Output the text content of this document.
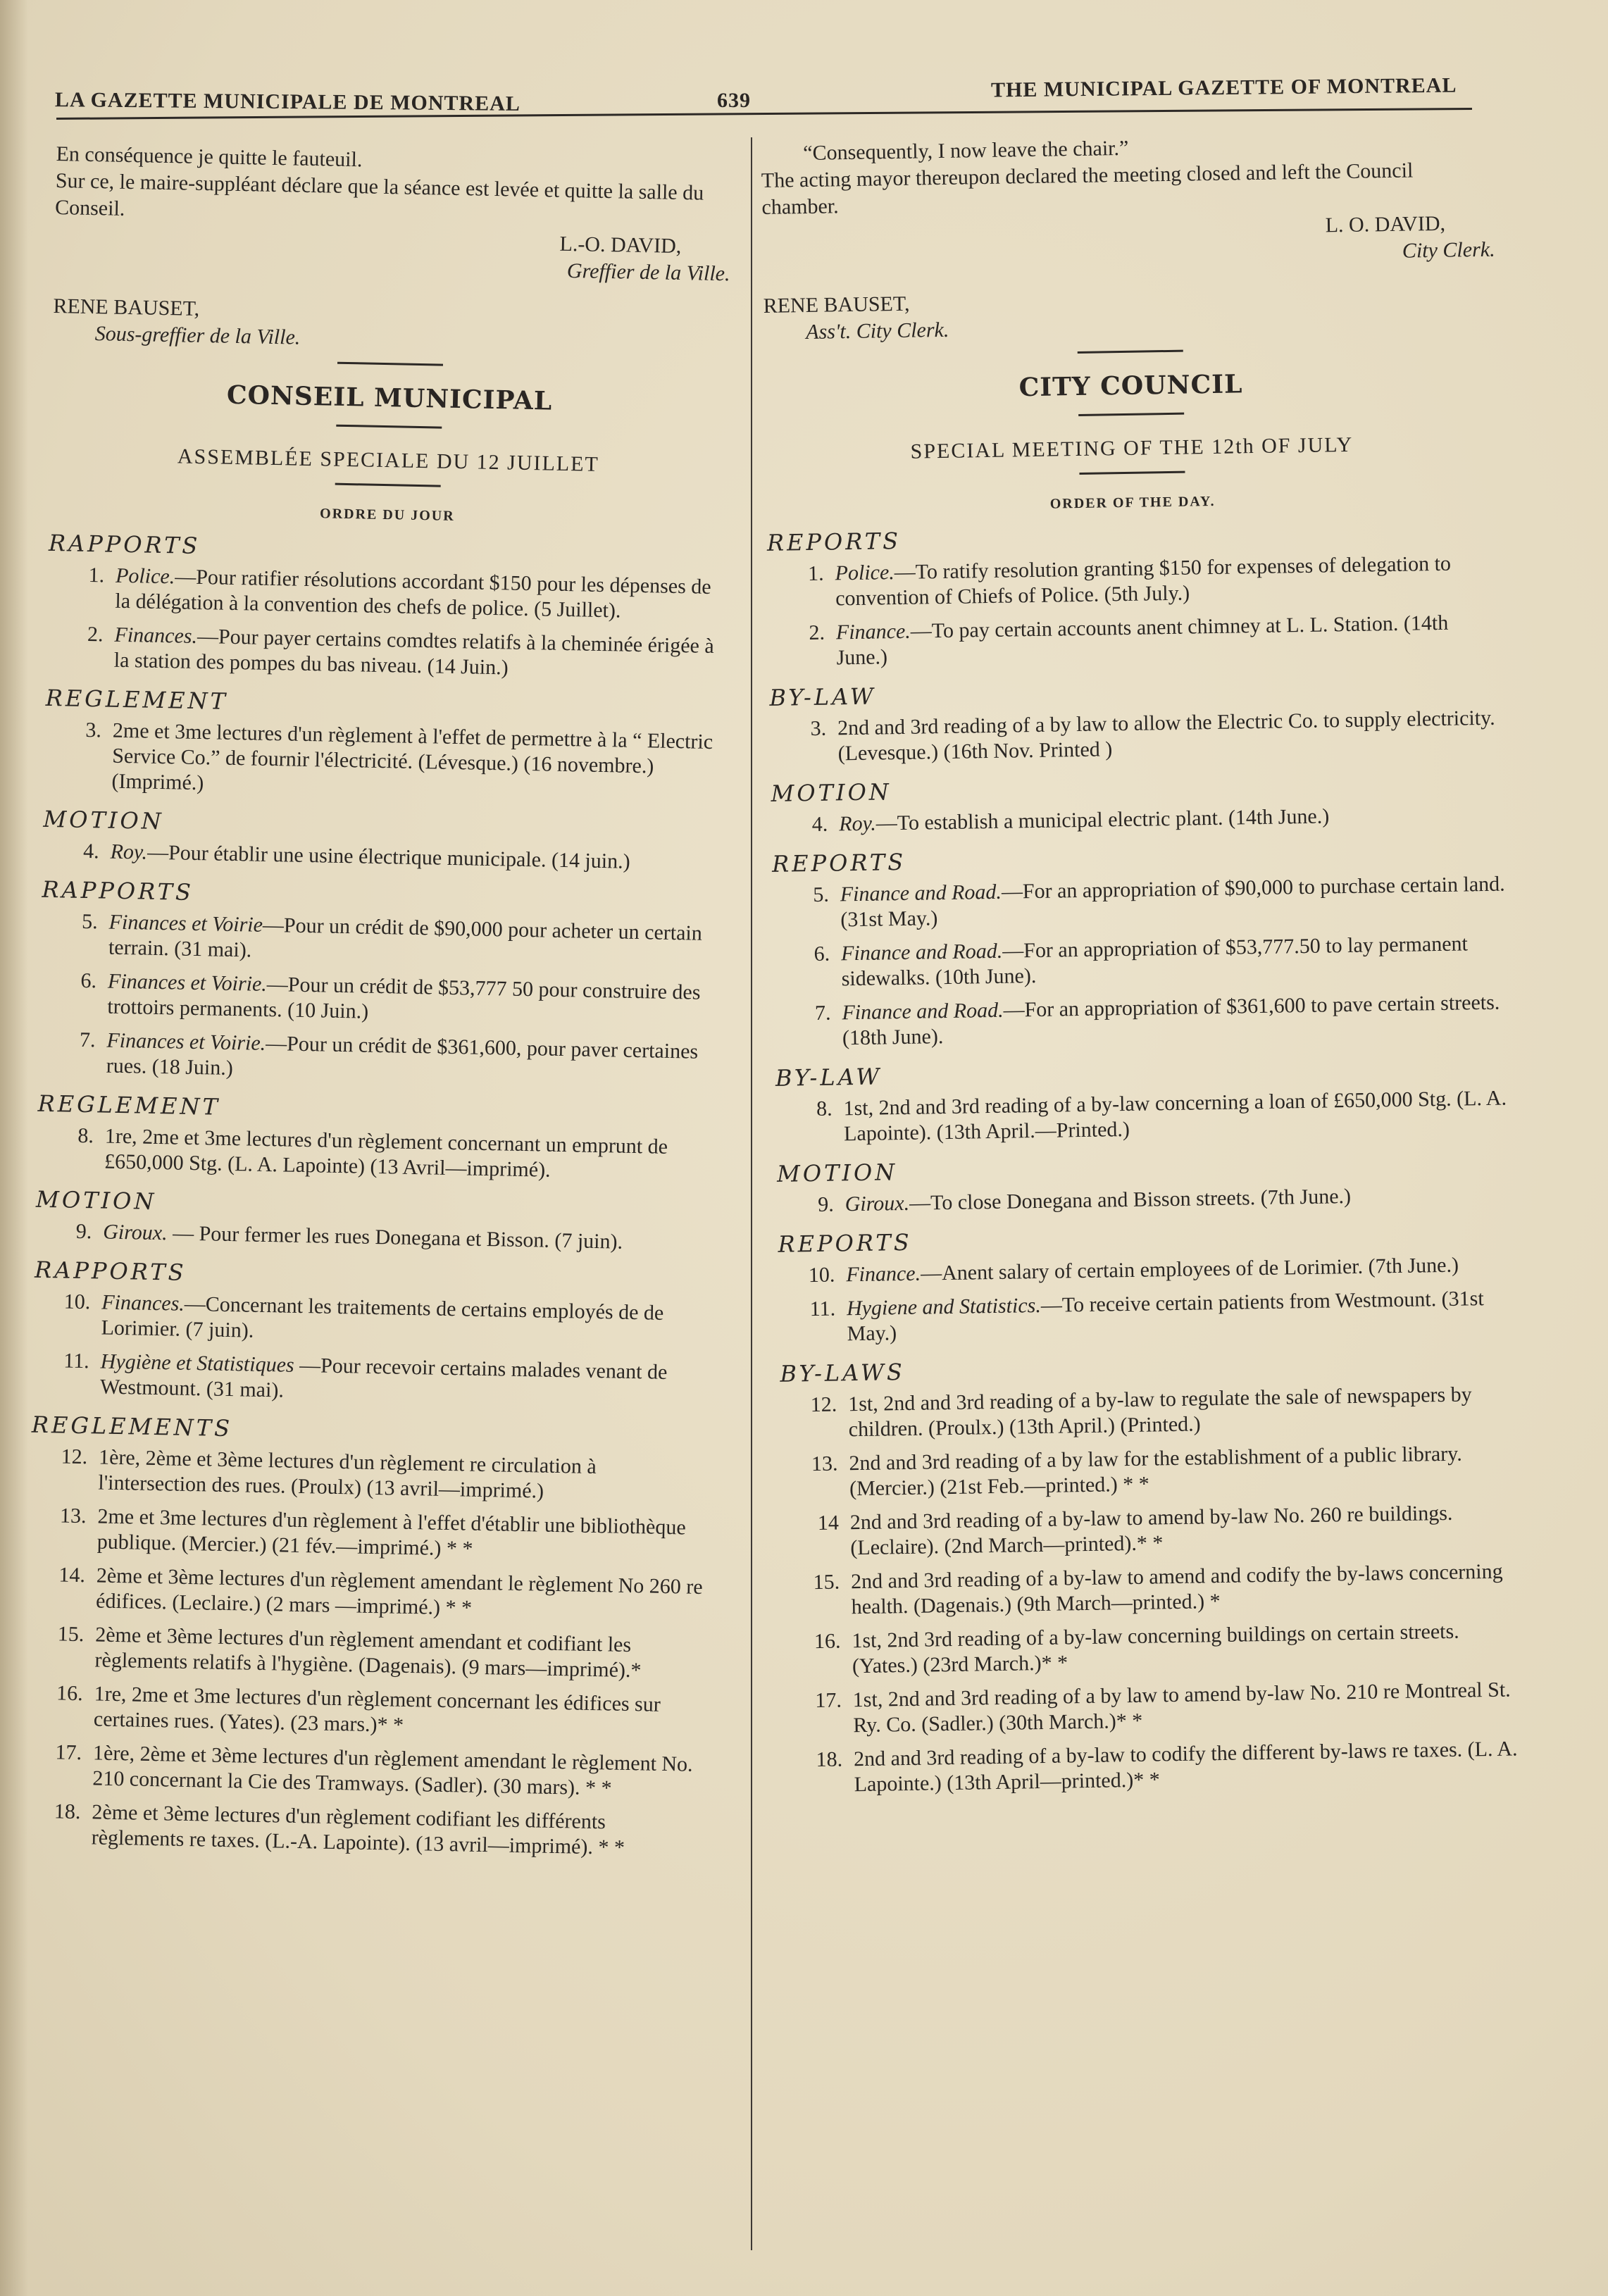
LA GAZETTE MUNICIPALE DE MONTREAL	639	THE MUNICIPAL GAZETTE OF MONTREAL

En conséquence je quitte le fauteuil.

Sur ce, le maire-suppléant déclare que la séance est levée et quitte la salle du Conseil.

L.-O. DAVID,
Greffier de la Ville.
RENE BAUSET,
Sous-greffier de la Ville.
CONSEIL MUNICIPAL
ASSEMBLÉE SPECIALE DU 12 JUILLET
ORDRE DU JOUR
RAPPORTS
1. Police.—Pour ratifier résolutions accordant $150 pour les dépenses de la délégation à la convention des chefs de police. (5 Juillet).
2. Finances.—Pour payer certains comdtes relatifs à la cheminée érigée à la station des pompes du bas niveau. (14 Juin.)
REGLEMENT
3. 2me et 3me lectures d'un règlement à l'effet de permettre à la “ Electric Service Co.” de fournir l'électricité. (Lévesque.) (16 novembre.) (Imprimé.)
MOTION
4. Roy.—Pour établir une usine électrique municipale. (14 juin.)
RAPPORTS
5. Finances et Voirie—Pour un crédit de $90,000 pour acheter un certain terrain. (31 mai).
6. Finances et Voirie.—Pour un crédit de $53,777 50 pour construire des trottoirs permanents. (10 Juin.)
7. Finances et Voirie.—Pour un crédit de $361,600, pour paver certaines rues. (18 Juin.)
REGLEMENT
8. 1re, 2me et 3me lectures d'un règlement concernant un emprunt de £650,000 Stg. (L. A. Lapointe) (13 Avril—imprimé).
MOTION
9. Giroux. — Pour fermer les rues Donegana et Bisson. (7 juin).
RAPPORTS
10. Finances.—Concernant les traitements de certains employés de de Lorimier. (7 juin).
11. Hygiène et Statistiques —Pour recevoir certains malades venant de Westmount. (31 mai).
REGLEMENTS
12. 1ère, 2ème et 3ème lectures d'un règlement re circulation à l'intersection des rues. (Proulx) (13 avril—imprimé.)
13. 2me et 3me lectures d'un règlement à l'effet d'établir une bibliothèque publique. (Mercier.) (21 fév.—imprimé.) * *
14. 2ème et 3ème lectures d'un règlement amendant le règlement No 260 re édifices. (Leclaire.) (2 mars —imprimé.) * *
15. 2ème et 3ème lectures d'un règlement amendant et codifiant les règlements relatifs à l'hygiène. (Dagenais). (9 mars—imprimé).*
16. 1re, 2me et 3me lectures d'un règlement concernant les édifices sur certaines rues. (Yates). (23 mars.)* *
17. 1ère, 2ème et 3ème lectures d'un règlement amendant le règlement No. 210 concernant la Cie des Tramways. (Sadler). (30 mars). * *
18. 2ème et 3ème lectures d'un règlement codifiant les différents règlements re taxes. (L.-A. Lapointe). (13 avril—imprimé). * *

“Consequently, I now leave the chair.”

The acting mayor thereupon declared the meeting closed and left the Council chamber.

L. O. DAVID,
City Clerk.
RENE BAUSET,
Ass't. City Clerk.
CITY COUNCIL
SPECIAL MEETING OF THE 12th OF JULY
ORDER OF THE DAY.
REPORTS
1. Police.—To ratify resolution granting $150 for expenses of delegation to convention of Chiefs of Police. (5th July.)
2. Finance.—To pay certain accounts anent chimney at L. L. Station. (14th June.)
BY-LAW
3. 2nd and 3rd reading of a by law to allow the Electric Co. to supply electricity. (Levesque.) (16th Nov. Printed )
MOTION
4. Roy.—To establish a municipal electric plant. (14th June.)
REPORTS
5. Finance and Road.—For an appropriation of $90,000 to purchase certain land. (31st May.)
6. Finance and Road.—For an appropriation of $53,777.50 to lay permanent sidewalks. (10th June).
7. Finance and Road.—For an appropriation of $361,600 to pave certain streets. (18th June).
BY-LAW
8. 1st, 2nd and 3rd reading of a by-law concerning a loan of £650,000 Stg. (L. A. Lapointe). (13th April.—Printed.)
MOTION
9. Giroux.—To close Donegana and Bisson streets. (7th June.)
REPORTS
10. Finance.—Anent salary of certain employees of de Lorimier. (7th June.)
11. Hygiene and Statistics.—To receive certain patients from Westmount. (31st May.)
BY-LAWS
12. 1st, 2nd and 3rd reading of a by-law to regulate the sale of newspapers by children. (Proulx.) (13th April.) (Printed.)
13. 2nd and 3rd reading of a by law for the establishment of a public library. (Mercier.) (21st Feb.—printed.) * *
14 2nd and 3rd reading of a by-law to amend by-law No. 260 re buildings. (Leclaire). (2nd March—printed).* *
15. 2nd and 3rd reading of a by-law to amend and codify the by-laws concerning health. (Dagenais.) (9th March—printed.) *
16. 1st, 2nd 3rd reading of a by-law concerning buildings on certain streets. (Yates.) (23rd March.)* *
17. 1st, 2nd and 3rd reading of a by law to amend by-law No. 210 re Montreal St. Ry. Co. (Sadler.) (30th March.)* *
18. 2nd and 3rd reading of a by-law to codify the different by-laws re taxes. (L. A. Lapointe.) (13th April—printed.)* *
